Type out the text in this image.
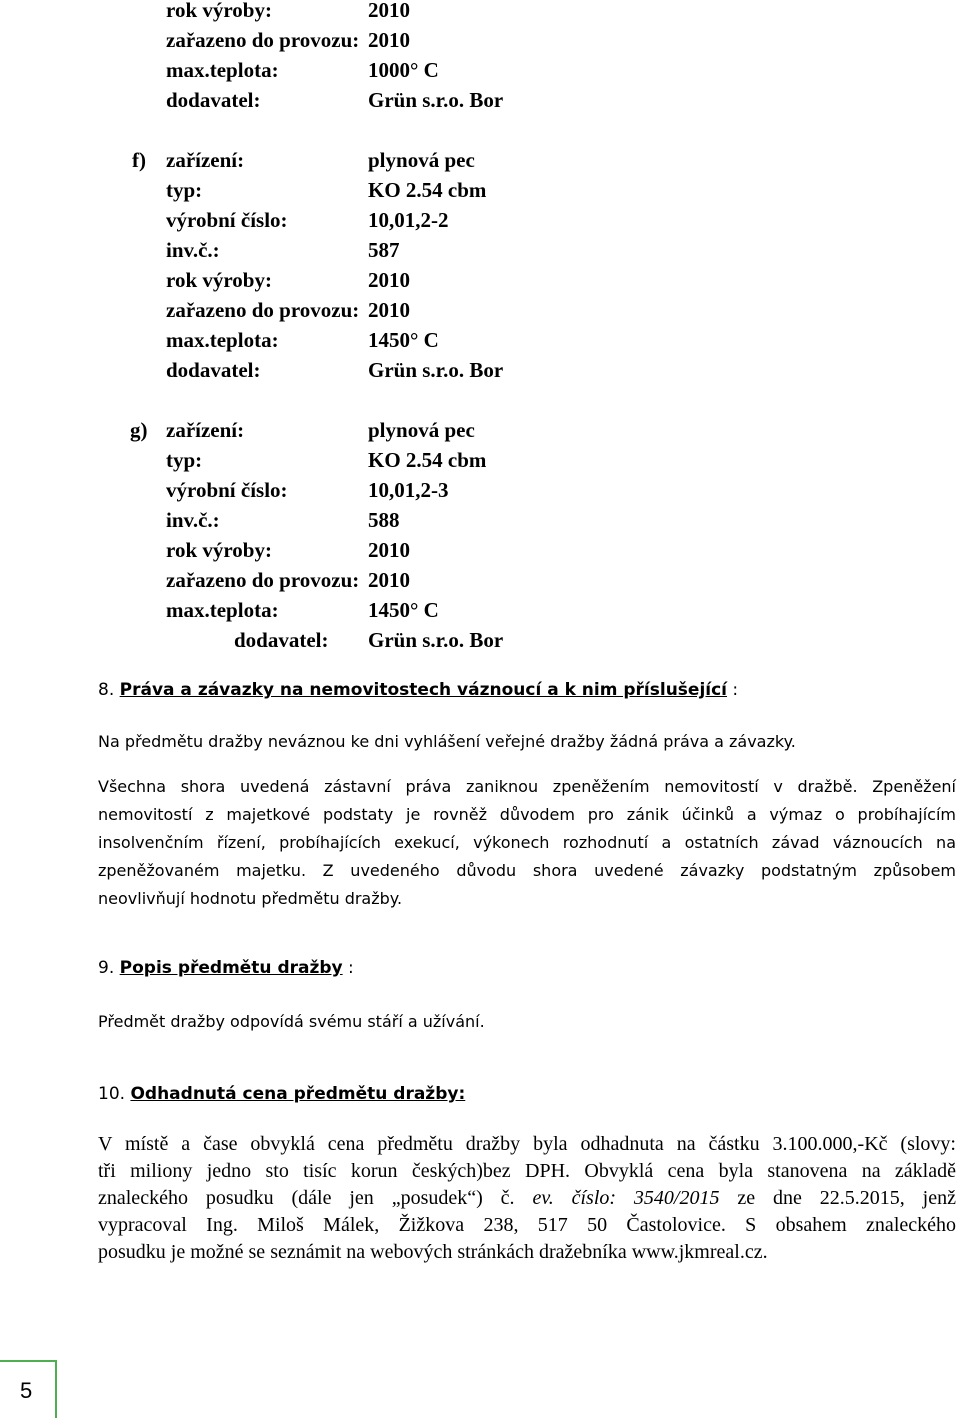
rok výroby:	2010
zařazeno do provozu: 2010
max.teplota:	1000° C
dodavatel:	Grün s.r.o. Bor
f) zařízení:	plynová pec
typ:	KO 2.54 cbm
výrobní číslo:	10,01,2-2
inv.č.:	587
rok výroby:	2010
zařazeno do provozu: 2010
max.teplota:	1450° C
dodavatel:	Grün s.r.o. Bor
g) zařízení:	plynová pec
typ:	KO 2.54 cbm
výrobní číslo:	10,01,2-3
inv.č.:	588
rok výroby:	2010
zařazeno do provozu: 2010
max.teplota:	1450° C
dodavatel: Grün s.r.o. Bor
8. Práva a závazky na nemovitostech váznoucí a k nim příslušející :
Na předmětu dražby neváznou ke dni vyhlášení veřejné dražby žádná práva a závazky.
Všechna shora uvedená zástavní práva zaniknou zpeněžením nemovitostí v dražbě. Zpeněžení
nemovitostí z majetkové podstaty je rovněž důvodem pro zánik účinků a výmaz o probíhajícím
insolvenčním řízení, probíhajících exekucí, výkonech rozhodnutí a ostatních závad váznoucích na
zpeněžovaném majetku. Z uvedeného důvodu shora uvedené závazky podstatným způsobem
neovlivňují hodnotu předmětu dražby.
9. Popis předmětu dražby :
Předmět dražby odpovídá svému stáří a užívání.
10. Odhadnutá cena předmětu dražby:
V místě a čase obvyklá cena předmětu dražby byla odhadnuta na částku 3.100.000,-Kč (slovy:
tři miliony jedno sto tisíc korun českých)bez DPH. Obvyklá cena byla stanovena na základě
znaleckého posudku (dále jen „posudek“) č. ev. číslo: 3540/2015 ze dne 22.5.2015, jenž
vypracoval Ing. Miloš Málek, Žižkova 238, 517 50 Častolovice. S obsahem znaleckého
posudku je možné se seznámit na webových stránkách dražebníka www.jkmreal.cz.
5
